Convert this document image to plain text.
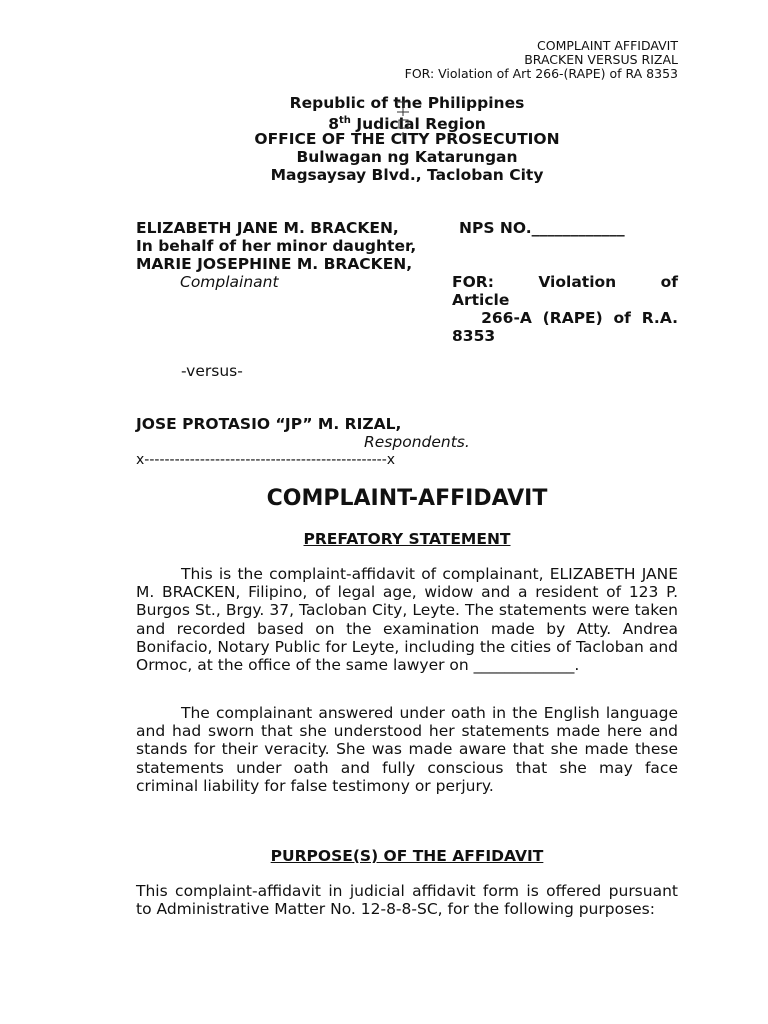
COMPLAINT AFFIDAVIT
BRACKEN VERSUS RIZAL
FOR: Violation of Art 266-(RAPE) of RA 8353
Republic of the Philippines
8th Judicial Region
OFFICE OF THE CITY PROSECUTION
Bulwagan ng Katarungan
Magsaysay Blvd., Tacloban City
ELIZABETH JANE M. BRACKEN,
In behalf of her minor daughter,
MARIE JOSEPHINE M. BRACKEN,
Complainant
NPS NO.____________
FOR:   Violation   of
Article
266-A  (RAPE)  of  R.A.
8353
-versus-
JOSE PROTASIO “JP” M. RIZAL,
Respondents.
x------------------------------------------------x
COMPLAINT-AFFIDAVIT
PREFATORY STATEMENT
This is the complaint-affidavit of complainant, ELIZABETH JANE M. BRACKEN, Filipino, of legal age, widow and a resident of 123 P. Burgos St., Brgy. 37, Tacloban City, Leyte. The statements were taken and recorded based on the examination made by Atty. Andrea Bonifacio, Notary Public for Leyte, including the cities of Tacloban and Ormoc, at the office of the same lawyer on _____________.
The complainant answered under oath in the English language and had sworn that she understood her statements made here and stands for their veracity. She was made aware that she made these statements under oath and fully conscious that she may face criminal liability for false testimony or perjury.
PURPOSE(S) OF THE AFFIDAVIT
This complaint-affidavit in judicial affidavit form is offered pursuant to Administrative Matter No. 12-8-8-SC, for the following purposes:
